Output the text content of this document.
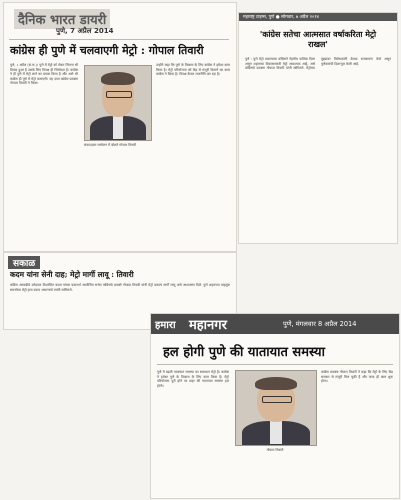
दैनिक भारत डायरी
पुणे, 7 अप्रैल 2014
कांग्रेस ही पुणे में चलवाएगी मेट्रो : गोपाल तिवारी
पुणे, ८ अप्रैल (सं.स.)। पुणे में मेट्रो को लेकर जितना भी विवाद हुआ है उसके लिए विपक्ष ही जिम्मेदार है। कांग्रेस ने ही पुणे में मेट्रो लाने का प्रयास किया है और आगे भी कांग्रेस ही पुणे में मेट्रो चलाएगी। यह दावा कांग्रेस प्रवक्ता गोपाल तिवारी ने किया।
संवाददाता सम्मेलन में बोलते गोपाल तिवारी
उन्होंने कहा कि पुणे के विकास के लिए कांग्रेस ने हमेशा काम किया है। मेट्रो परियोजना को केंद्र से मंजूरी दिलाने का काम कांग्रेस ने किया है। विपक्ष केवल राजनीति कर रहा है।
महाराष्ट्र टाइम्स, पुणे ● सोमवार, ७ अप्रैल २०१४
'कांग्रेस सतेचा आत्मसात वर्षाकरिता मेट्रो राखल'
पुणे : पुणे मेट्रो प्रकल्पाला काँग्रेसने नेहमीच पाठिंबा दिला असून शहराच्या विकासासाठी मेट्रो आवश्यक आहे, असे काँग्रेसचे प्रवक्ता गोपाळ तिवारी यांनी सांगितले. मेट्रोच्या मुद्द्यावर विरोधकांनी केवळ राजकारण केले असून पुणेकरांची दिशाभूल केली आहे.
सकाळ
कदम यांना सेनी दाह; मेट्रो मार्गी लावू : तिवारी
काँग्रेस आघाडीचे उमेदवार विश्वजित कदम यांच्या प्रचारार्थ आयोजित सभेत काँग्रेसचे प्रवक्ते गोपाळ तिवारी यांनी मेट्रो प्रकल्प मार्गी लावू असे आश्वासन दिले. पुणे शहराच्या वाहतूक समस्येवर मेट्रो हाच उपाय असल्याचे त्यांनी सांगितले.
हमारा महानगर	पुणे, मंगलवार 8 अप्रैल 2014
हल होगी पुणे की यातायात समस्या
पुणे में बढ़ती यातायात समस्या का समाधान मेट्रो है। कांग्रेस ने हमेशा पुणे के विकास के लिए काम किया है। मेट्रो परियोजना पूरी होने पर शहर की यातायात समस्या हल होगी।
गोपाल तिवारी
कांग्रेस प्रवक्ता गोपाल तिवारी ने कहा कि मेट्रो के लिए केंद्र सरकार से मंजूरी मिल चुकी है और जल्द ही काम शुरू होगा।
